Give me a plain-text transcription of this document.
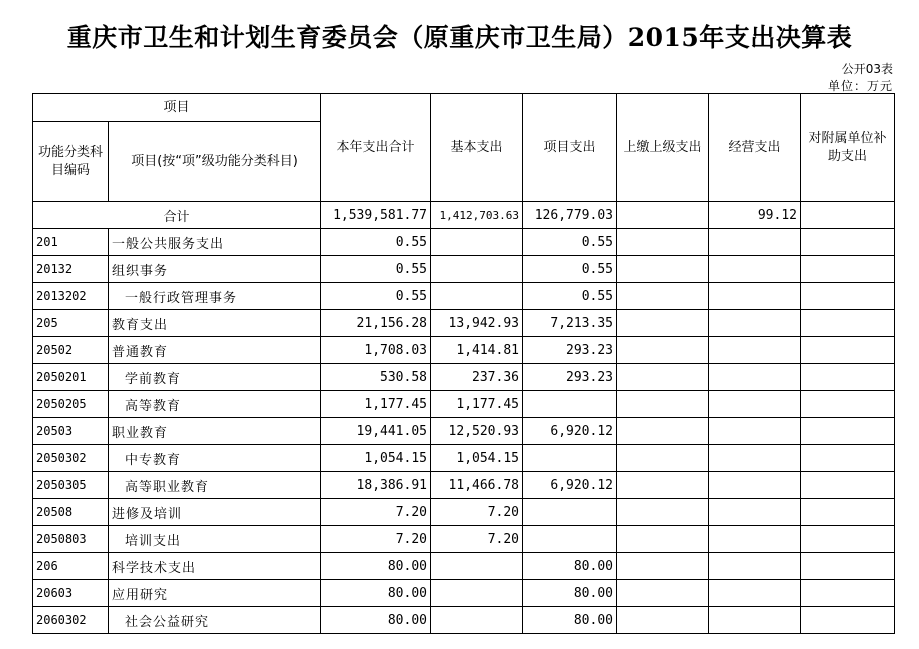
重庆市卫生和计划生育委员会（原重庆市卫生局）2015年支出决算表
公开03表
单位：万元
项目		本年支出合计	基本支出	项目支出	上缴上级支出	经营支出	对附属单位补助支出
功能分类科目编码	项目(按“项”级功能分类科目)						
合计		1,539,581.77	1,412,703.63	126,779.03		99.12	
201	一般公共服务支出	0.55		0.55			
20132	组织事务	0.55		0.55			
2013202	一般行政管理事务	0.55		0.55			
205	教育支出	21,156.28	13,942.93	7,213.35			
20502	普通教育	1,708.03	1,414.81	293.23			
2050201	学前教育	530.58	237.36	293.23			
2050205	高等教育	1,177.45	1,177.45				
20503	职业教育	19,441.05	12,520.93	6,920.12			
2050302	中专教育	1,054.15	1,054.15				
2050305	高等职业教育	18,386.91	11,466.78	6,920.12			
20508	进修及培训	7.20	7.20				
2050803	培训支出	7.20	7.20				
206	科学技术支出	80.00		80.00			
20603	应用研究	80.00		80.00			
2060302	社会公益研究	80.00		80.00			
